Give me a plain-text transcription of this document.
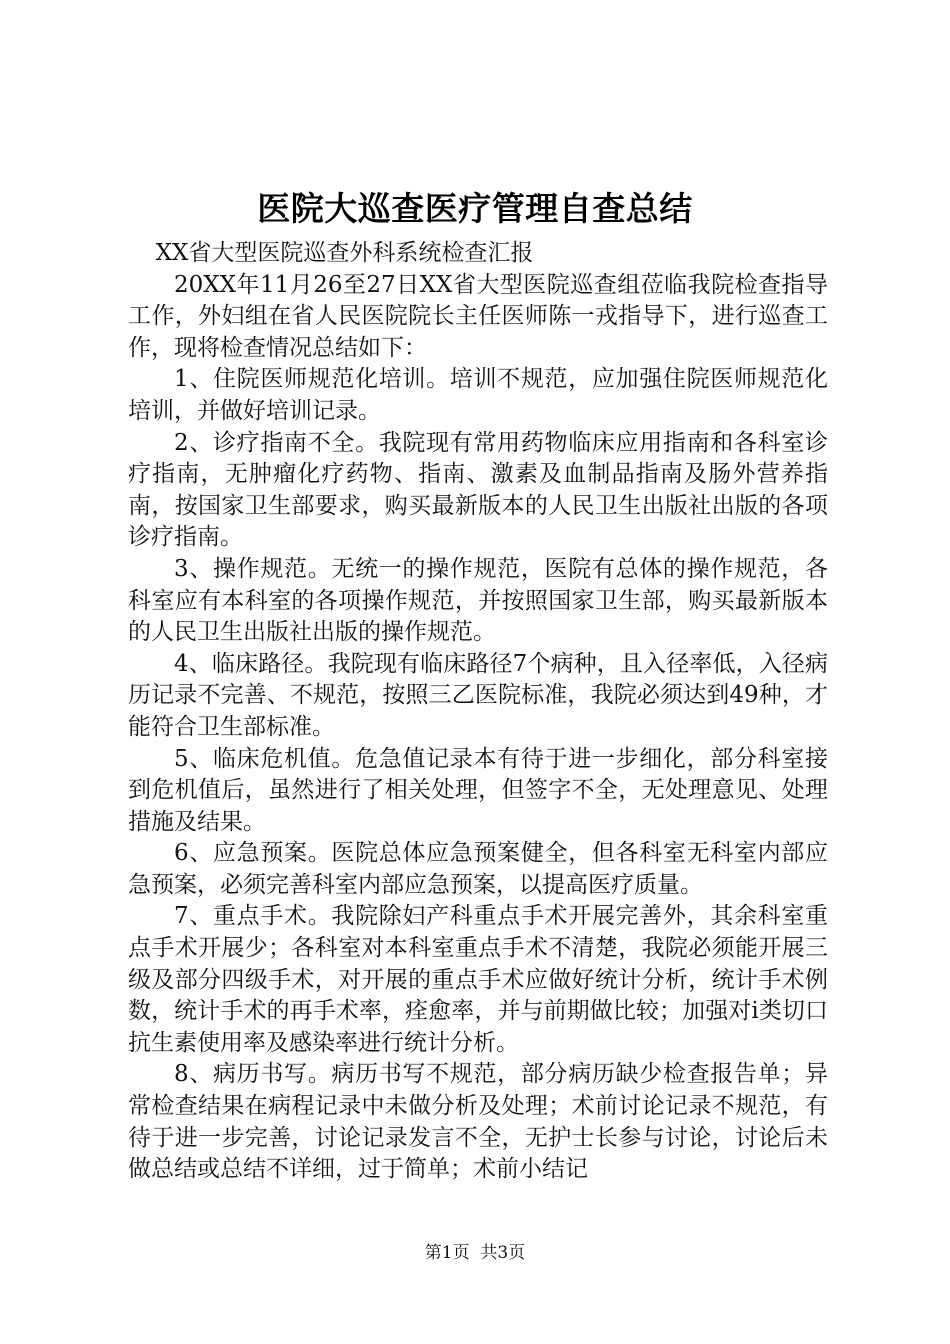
医院大巡查医疗管理自查总结

XX省大型医院巡查外科系统检查汇报

20XX年11月26至27日XX省大型医院巡查组莅临我院检查指导工作，外妇组在省人民医院院长主任医师陈一戎指导下，进行巡查工作，现将检查情况总结如下：

1、住院医师规范化培训。培训不规范，应加强住院医师规范化培训，并做好培训记录。

2、诊疗指南不全。我院现有常用药物临床应用指南和各科室诊疗指南，无肿瘤化疗药物、指南、激素及血制品指南及肠外营养指南，按国家卫生部要求，购买最新版本的人民卫生出版社出版的各项诊疗指南。

3、操作规范。无统一的操作规范，医院有总体的操作规范，各科室应有本科室的各项操作规范，并按照国家卫生部，购买最新版本的人民卫生出版社出版的操作规范。

4、临床路径。我院现有临床路径7个病种，且入径率低，入径病历记录不完善、不规范，按照三乙医院标准，我院必须达到49种，才能符合卫生部标准。

5、临床危机值。危急值记录本有待于进一步细化，部分科室接到危机值后，虽然进行了相关处理，但签字不全，无处理意见、处理措施及结果。

6、应急预案。医院总体应急预案健全，但各科室无科室内部应急预案，必须完善科室内部应急预案，以提高医疗质量。

7、重点手术。我院除妇产科重点手术开展完善外，其余科室重点手术开展少；各科室对本科室重点手术不清楚，我院必须能开展三级及部分四级手术，对开展的重点手术应做好统计分析，统计手术例数，统计手术的再手术率，痊愈率，并与前期做比较；加强对ⅰ类切口抗生素使用率及感染率进行统计分析。

8、病历书写。病历书写不规范，部分病历缺少检查报告单；异常检查结果在病程记录中未做分析及处理；术前讨论记录不规范，有待于进一步完善，讨论记录发言不全，无护士长参与讨论，讨论后未做总结或总结不详细，过于简单；术前小结记

第1页  共3页
